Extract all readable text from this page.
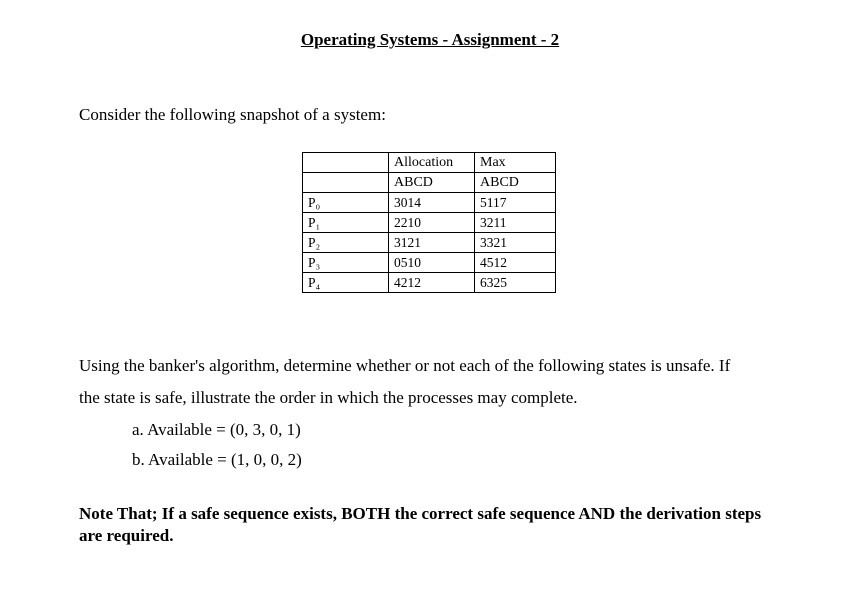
Operating Systems - Assignment - 2
Consider the following snapshot of a system:
	Allocation	Max
	ABCD	ABCD
P₀	3014	5117
P₁	2210	3211
P₂	3121	3321
P₃	0510	4512
P₄	4212	6325
Using the banker's algorithm, determine whether or not each of the following states is unsafe. If
the state is safe, illustrate the order in which the processes may complete.
a. Available = (0, 3, 0, 1)
b. Available = (1, 0, 0, 2)
Note That; If a safe sequence exists, BOTH the correct safe sequence AND the derivation steps are required.
